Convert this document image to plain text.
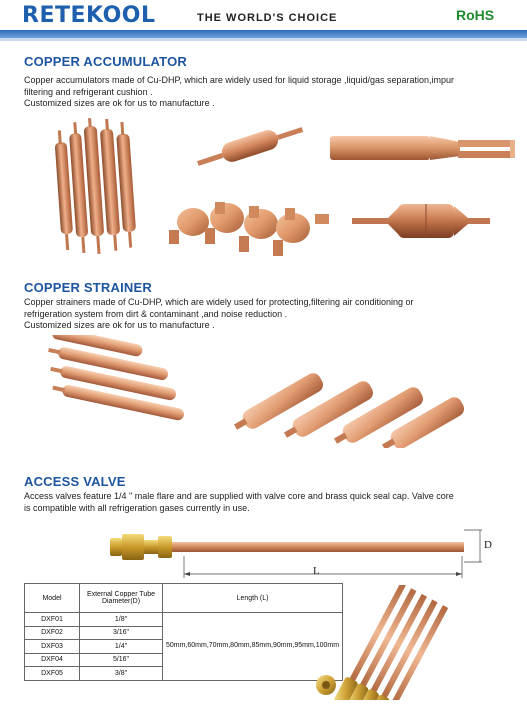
RETEKOOL	THE WORLD'S CHOICE	RoHS
COPPER ACCUMULATOR

Copper accumulators made of Cu-DHP, which are widely used for liquid storage ,liquid/gas separation,impur

filtering and refrigerant cushion .

Customized sizes are ok for us to manufacture .

COPPER STRAINER

Copper strainers made of Cu-DHP, which are widely used for protecting,filtering air conditioning or

refrigeration system from dirt & contaminant ,and noise reduction .

Customized sizes are ok for us to manufacture .

ACCESS VALVE

Access valves feature 1/4 " male flare and are supplied with valve core and brass quick seal cap. Valve core

is compatible with all refrigeration gases currently in use.

L
D
Model	External Copper Tube Diameter(D)	Length (L)
DXF01	1/8"	50mm,60mm,70mm,80mm,85mm,90mm,95mm,100mm
DXF02	3/16"	
DXF03	1/4"	
DXF04	5/16"	
DXF05	3/8"	
